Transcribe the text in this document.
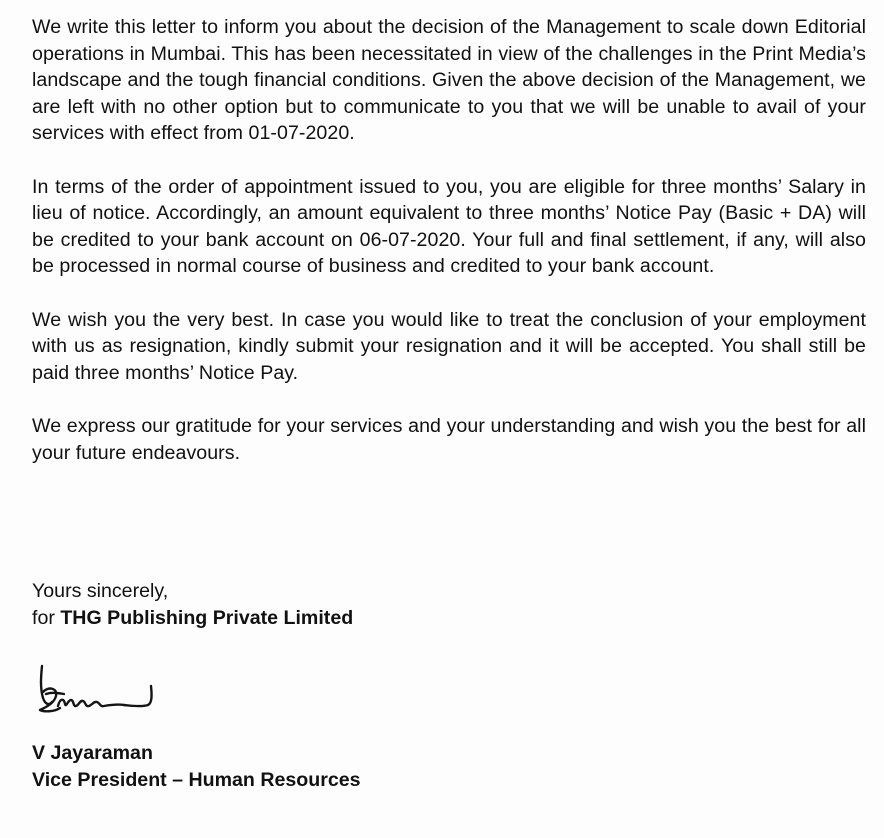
We write this letter to inform you about the decision of the Management to scale down Editorial operations in Mumbai. This has been necessitated in view of the challenges in the Print Media’s landscape and the tough financial conditions. Given the above decision of the Management, we are left with no other option but to communicate to you that we will be unable to avail of your services with effect from 01-07-2020.

In terms of the order of appointment issued to you, you are eligible for three months’ Salary in lieu of notice. Accordingly, an amount equivalent to three months’ Notice Pay (Basic + DA) will be credited to your bank account on 06-07-2020. Your full and final settlement, if any, will also be processed in normal course of business and credited to your bank account.

We wish you the very best. In case you would like to treat the conclusion of your employment with us as resignation, kindly submit your resignation and it will be accepted. You shall still be paid three months’ Notice Pay.

We express our gratitude for your services and your understanding and wish you the best for all your future endeavours.

Yours sincerely,
for THG Publishing Private Limited
V Jayaraman
Vice President – Human Resources
